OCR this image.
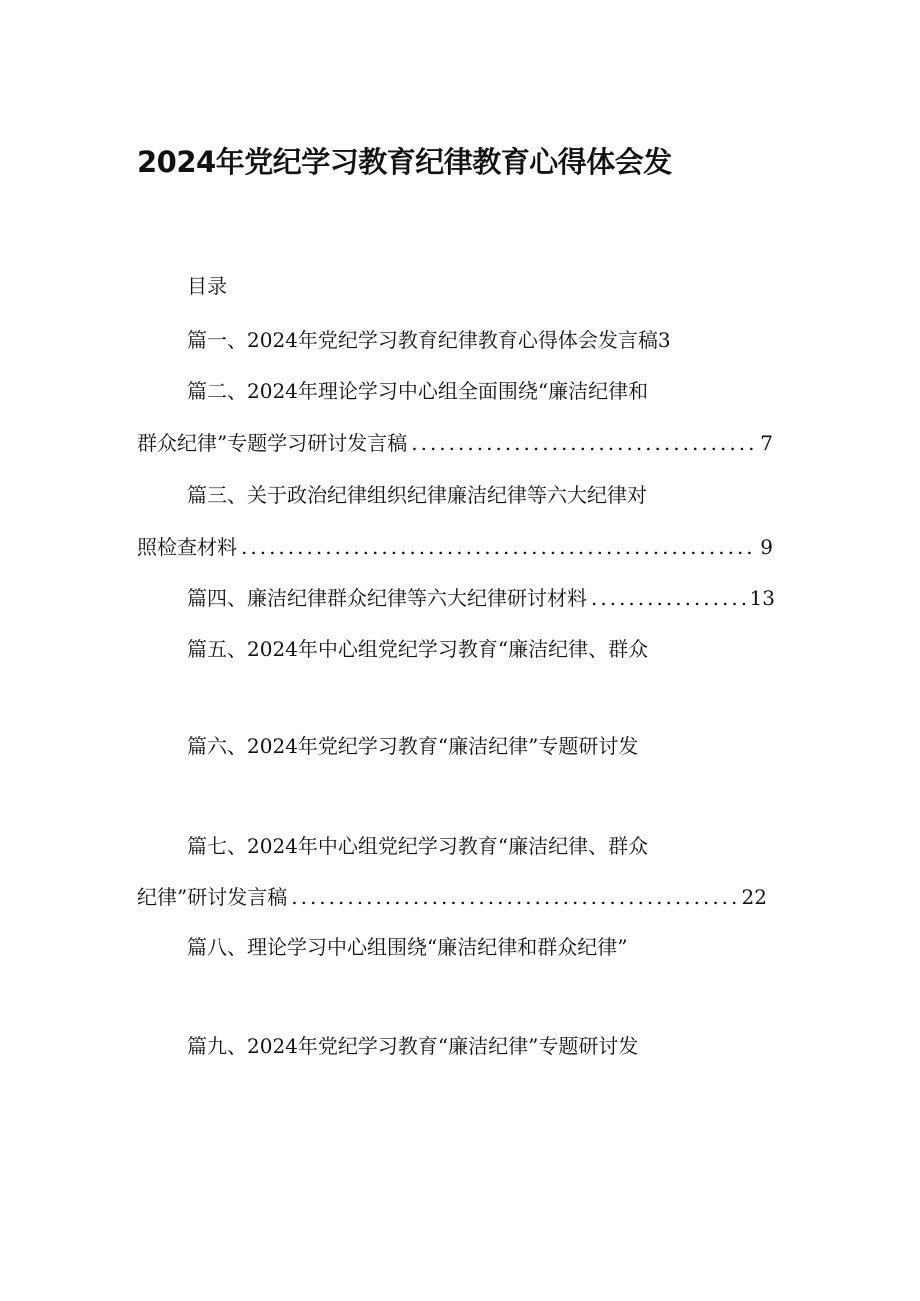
2024年党纪学习教育纪律教育心得体会发
目录
篇一、2024年党纪学习教育纪律教育心得体会发言稿3
篇二、2024年理论学习中心组全面围绕“廉洁纪律和
群众纪律”专题学习研讨发言稿 .....	7
篇三、关于政治纪律组织纪律廉洁纪律等六大纪律对
照检查材料 .....	9
篇四、廉洁纪律群众纪律等六大纪律研讨材料 .....	13
篇五、2024年中心组党纪学习教育“廉洁纪律、群众
篇六、2024年党纪学习教育“廉洁纪律”专题研讨发
篇七、2024年中心组党纪学习教育“廉洁纪律、群众
纪律”研讨发言稿 .....	22
篇八、理论学习中心组围绕“廉洁纪律和群众纪律”
篇九、2024年党纪学习教育“廉洁纪律”专题研讨发
